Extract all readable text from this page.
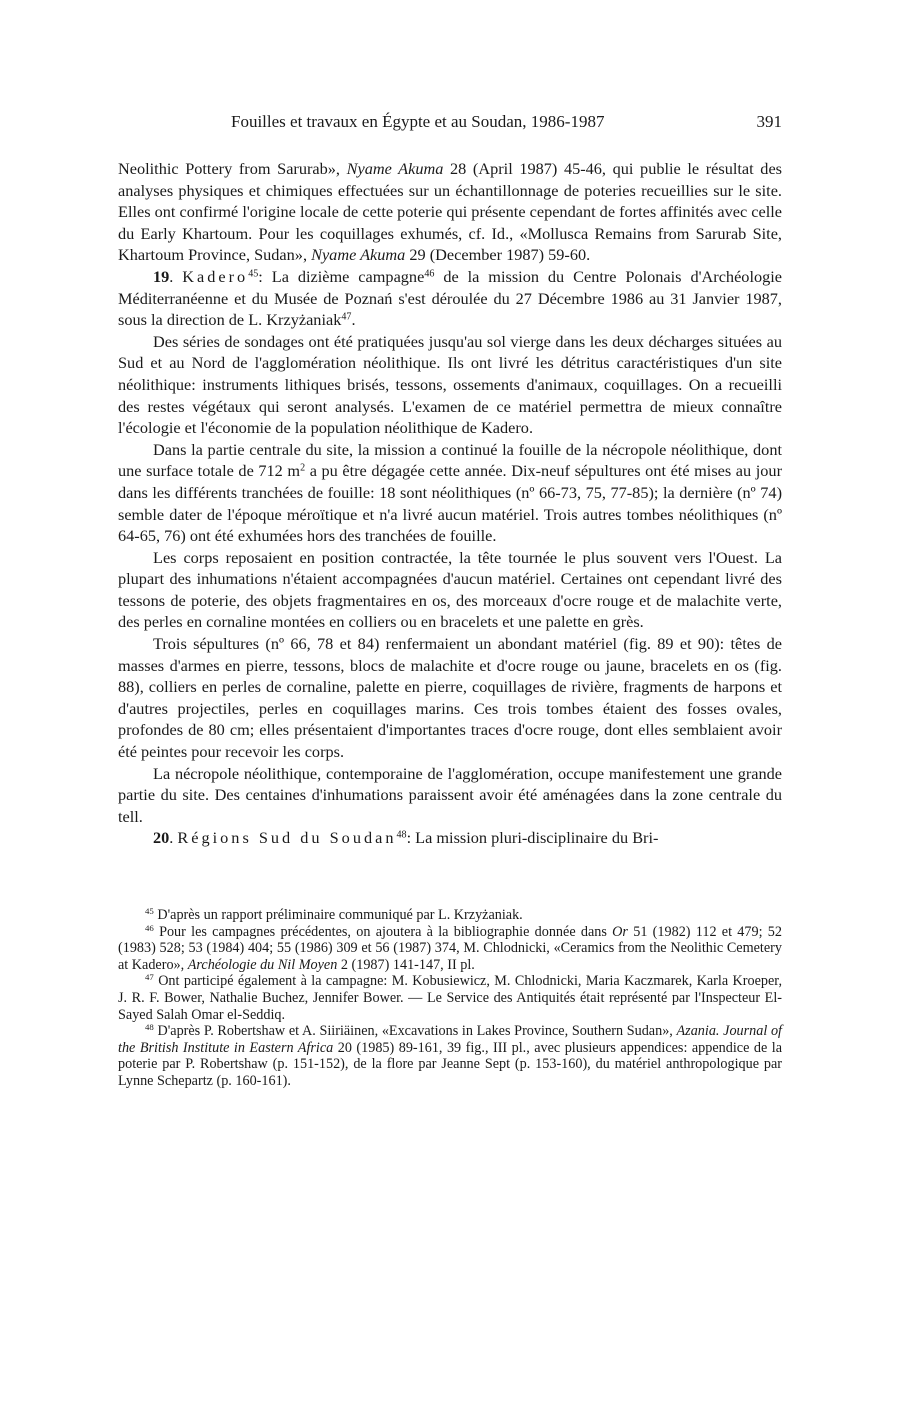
Fouilles et travaux en Égypte et au Soudan, 1986-1987	391

Neolithic Pottery from Sarurab», Nyame Akuma 28 (April 1987) 45-46, qui publie le résultat des analyses physiques et chimiques effectuées sur un échantillonnage de poteries recueillies sur le site. Elles ont confirmé l'origine locale de cette poterie qui présente cependant de fortes affinités avec celle du Early Khartoum. Pour les coquillages exhumés, cf. Id., «Mollusca Remains from Sarurab Site, Khartoum Province, Sudan», Nyame Akuma 29 (December 1987) 59-60.

19. Kadero$^{45}$: La dizième campagne$^{46}$ de la mission du Centre Polonais d'Archéologie Méditerranéenne et du Musée de Poznań s'est déroulée du 27 Décembre 1986 au 31 Janvier 1987, sous la direction de L. Krzyżaniak$^{47}$.

Des séries de sondages ont été pratiquées jusqu'au sol vierge dans les deux décharges situées au Sud et au Nord de l'agglomération néolithique. Ils ont livré les détritus caractéristiques d'un site néolithique: instruments lithiques brisés, tessons, ossements d'animaux, coquillages. On a recueilli des restes végétaux qui seront analysés. L'examen de ce matériel permettra de mieux connaître l'écologie et l'économie de la population néolithique de Kadero.

Dans la partie centrale du site, la mission a continué la fouille de la nécropole néolithique, dont une surface totale de 712 $m^2$ a pu être dégagée cette année. Dix-neuf sépultures ont été mises au jour dans les différents tranchées de fouille: 18 sont néolithiques (nº 66-73, 75, 77-85); la dernière (nº 74) semble dater de l'époque méroïtique et n'a livré aucun matériel. Trois autres tombes néolithiques (nº 64-65, 76) ont été exhumées hors des tranchées de fouille.

Les corps reposaient en position contractée, la tête tournée le plus souvent vers l'Ouest. La plupart des inhumations n'étaient accompagnées d'aucun matériel. Certaines ont cependant livré des tessons de poterie, des objets fragmentaires en os, des morceaux d'ocre rouge et de malachite verte, des perles en cornaline montées en colliers ou en bracelets et une palette en grès.

Trois sépultures (nº 66, 78 et 84) renfermaient un abondant matériel (fig. 89 et 90): têtes de masses d'armes en pierre, tessons, blocs de malachite et d'ocre rouge ou jaune, bracelets en os (fig. 88), colliers en perles de cornaline, palette en pierre, coquillages de rivière, fragments de harpons et d'autres projectiles, perles en coquillages marins. Ces trois tombes étaient des fosses ovales, profondes de 80 cm; elles présentaient d'importantes traces d'ocre rouge, dont elles semblaient avoir été peintes pour recevoir les corps.

La nécropole néolithique, contemporaine de l'agglomération, occupe manifestement une grande partie du site. Des centaines d'inhumations paraissent avoir été aménagées dans la zone centrale du tell.

20. Régions Sud du Soudan$^{48}$: La mission pluri-disciplinaire du Bri-

$^{45}$ D'après un rapport préliminaire communiqué par L. Krzyżaniak.

$^{46}$ Pour les campagnes précédentes, on ajoutera à la bibliographie donnée dans Or 51 (1982) 112 et 479; 52 (1983) 528; 53 (1984) 404; 55 (1986) 309 et 56 (1987) 374, M. Chlodnicki, «Ceramics from the Neolithic Cemetery at Kadero», Archéologie du Nil Moyen 2 (1987) 141-147, II pl.

$^{47}$ Ont participé également à la campagne: M. Kobusiewicz, M. Chlodnicki, Maria Kaczmarek, Karla Kroeper, J. R. F. Bower, Nathalie Buchez, Jennifer Bower. — Le Service des Antiquités était représenté par l'Inspecteur El-Sayed Salah Omar el-Seddiq.

$^{48}$ D'après P. Robertshaw et A. Siiriäinen, «Excavations in Lakes Province, Southern Sudan», Azania. Journal of the British Institute in Eastern Africa 20 (1985) 89-161, 39 fig., III pl., avec plusieurs appendices: appendice de la poterie par P. Robertshaw (p. 151-152), de la flore par Jeanne Sept (p. 153-160), du matériel anthropologique par Lynne Schepartz (p. 160-161).
